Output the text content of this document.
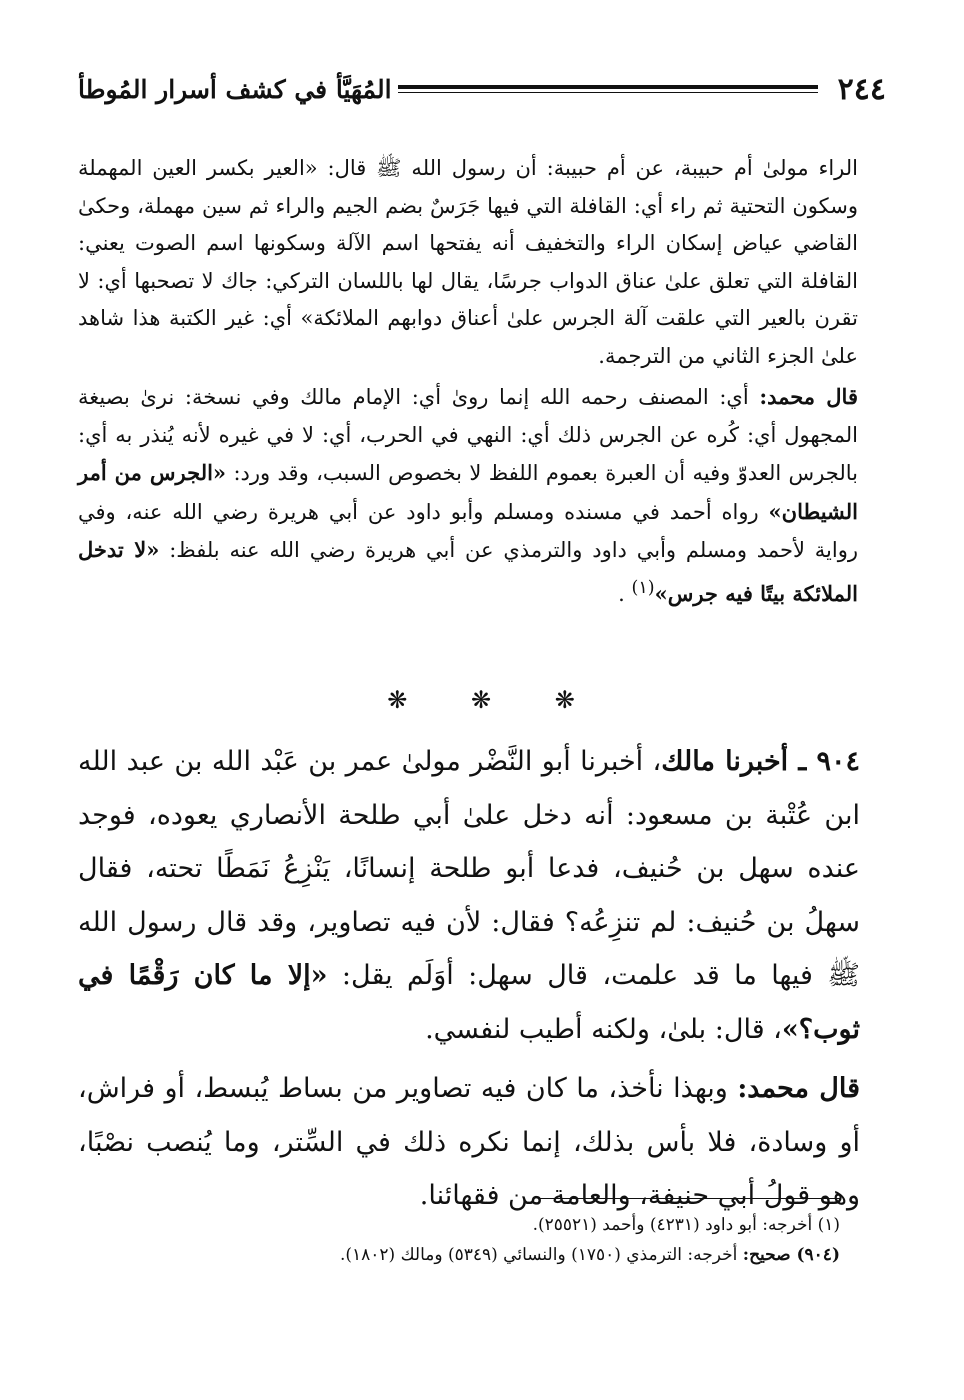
٢٤٤
المُهَيَّأ في كشف أسرار المُوطأ

الراء مولىٰ أم حبيبة، عن أم حبيبة: أن رسول الله ﷺ قال: «العير بكسر العين المهملة وسكون التحتية ثم راء أي: القافلة التي فيها جَرَسٌ بضم الجيم والراء ثم سين مهملة، وحكىٰ القاضي عياض إسكان الراء والتخفيف أنه يفتحها اسم الآلة وسكونها اسم الصوت يعني: القافلة التي تعلق علىٰ عناق الدواب جرسًا، يقال لها باللسان التركي: جاك لا تصحبها أي: لا تقرن بالعير التي علقت آلة الجرس علىٰ أعناق دوابهم الملائكة» أي: غير الكتبة هذا شاهد علىٰ الجزء الثاني من الترجمة.

قال محمد: أي: المصنف رحمه الله إنما روىٰ أي: الإمام مالك وفي نسخة: نرىٰ بصيغة المجهول أي: كُره عن الجرس ذلك أي: النهي في الحرب، أي: لا في غيره لأنه يُنذر به أي: بالجرس العدوّ وفيه أن العبرة بعموم اللفظ لا بخصوص السبب، وقد ورد: «الجرس من أمر الشيطان» رواه أحمد في مسنده ومسلم وأبو داود عن أبي هريرة رضي الله عنه، وفي رواية لأحمد ومسلم وأبي داود والترمذي عن أبي هريرة رضي الله عنه بلفظ: «لا تدخل الملائكة بيتًا فيه جرس»$^{(١)}$ .

❋	❋	❋

٩٠٤ ـ أخبرنا مالك، أخبرنا أبو النَّضْر مولىٰ عمر بن عَبْد الله بن عبد الله ابن عُتْبة بن مسعود: أنه دخل علىٰ أبي طلحة الأنصاري يعوده، فوجد عنده سهل بن حُنيف، فدعا أبو طلحة إنسانًا، يَنْزِعُ نَمَطًا تحته، فقال سهلُ بن حُنيف: لم تنزِعُه؟ فقال: لأن فيه تصاوير، وقد قال رسول الله ﷺ فيها ما قد علمت، قال سهل: أوَلَم يقل: «إلا ما كان رَقْمًا في ثوب؟»، قال: بلىٰ، ولكنه أطيب لنفسي.

قال محمد: وبهذا نأخذ، ما كان فيه تصاوير من بساط يُبسط، أو فراش، أو وسادة، فلا بأس بذلك، إنما نكره ذلك في السِّتر، وما يُنصب نصْبًا، وهو قولُ أبي حنيفة، والعامة من فقهائنا.

(١) أخرجه: أبو داود (٤٢٣١) وأحمد (٢٥٥٢١).

(٩٠٤) صحيح: أخرجه: الترمذي (١٧٥٠) والنسائي (٥٣٤٩) ومالك (١٨٠٢).
